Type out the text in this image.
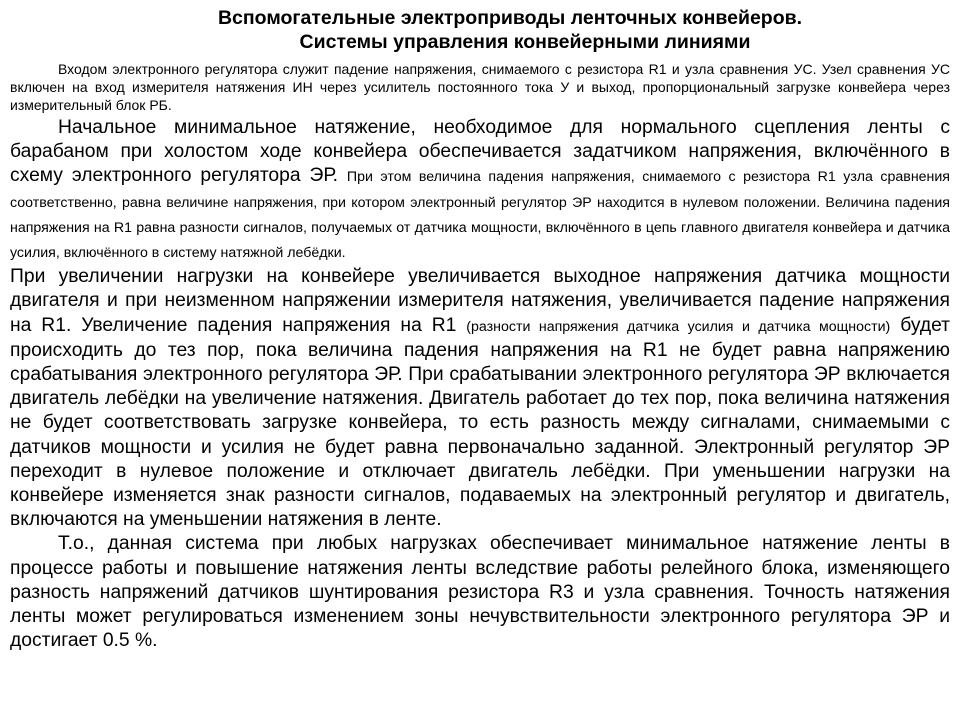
Вспомогательные электроприводы ленточных конвейеров.
Системы управления конвейерными линиями

Входом электронного регулятора служит падение напряжения, снимаемого с резистора R1 и узла сравнения УС. Узел сравнения УС включен на вход измерителя натяжения ИН через усилитель постоянного тока У и выход, пропорциональный загрузке конвейера через измерительный блок РБ.

Начальное минимальное натяжение, необходимое для нормального сцепления ленты с барабаном при холостом ходе конвейера обеспечивается задатчиком напряжения, включённого в схему электронного регулятора ЭР. При этом величина падения напряжения, снимаемого с резистора R1 узла сравнения соответственно, равна величине напряжения, при котором электронный регулятор ЭР находится в нулевом положении. Величина падения напряжения на R1 равна разности сигналов, получаемых от датчика мощности, включённого в цепь главного двигателя конвейера и датчика усилия, включённого в систему натяжной лебёдки.

При увеличении нагрузки на конвейере увеличивается выходное напряжения датчика мощности двигателя и при неизменном напряжении измерителя натяжения, увеличивается падение напряжения на R1. Увеличение падения напряжения на R1 (разности напряжения датчика усилия и датчика мощности) будет происходить до тез пор, пока величина падения напряжения на R1 не будет равна напряжению срабатывания электронного регулятора ЭР. При срабатывании электронного регулятора ЭР включается двигатель лебёдки на увеличение натяжения. Двигатель работает до тех пор, пока величина натяжения не будет соответствовать загрузке конвейера, то есть разность между сигналами, снимаемыми с датчиков мощности и усилия не будет равна первоначально заданной. Электронный регулятор ЭР переходит в нулевое положение и отключает двигатель лебёдки. При уменьшении нагрузки на конвейере изменяется знак разности сигналов, подаваемых на электронный регулятор и двигатель, включаются на уменьшении натяжения в ленте.

Т.о., данная система при любых нагрузках обеспечивает минимальное натяжение ленты в процессе работы и повышение натяжения ленты вследствие работы релейного блока, изменяющего разность напряжений датчиков шунтирования резистора R3 и узла сравнения. Точность натяжения ленты может регулироваться изменением зоны нечувствительности электронного регулятора ЭР и достигает 0.5 %.
